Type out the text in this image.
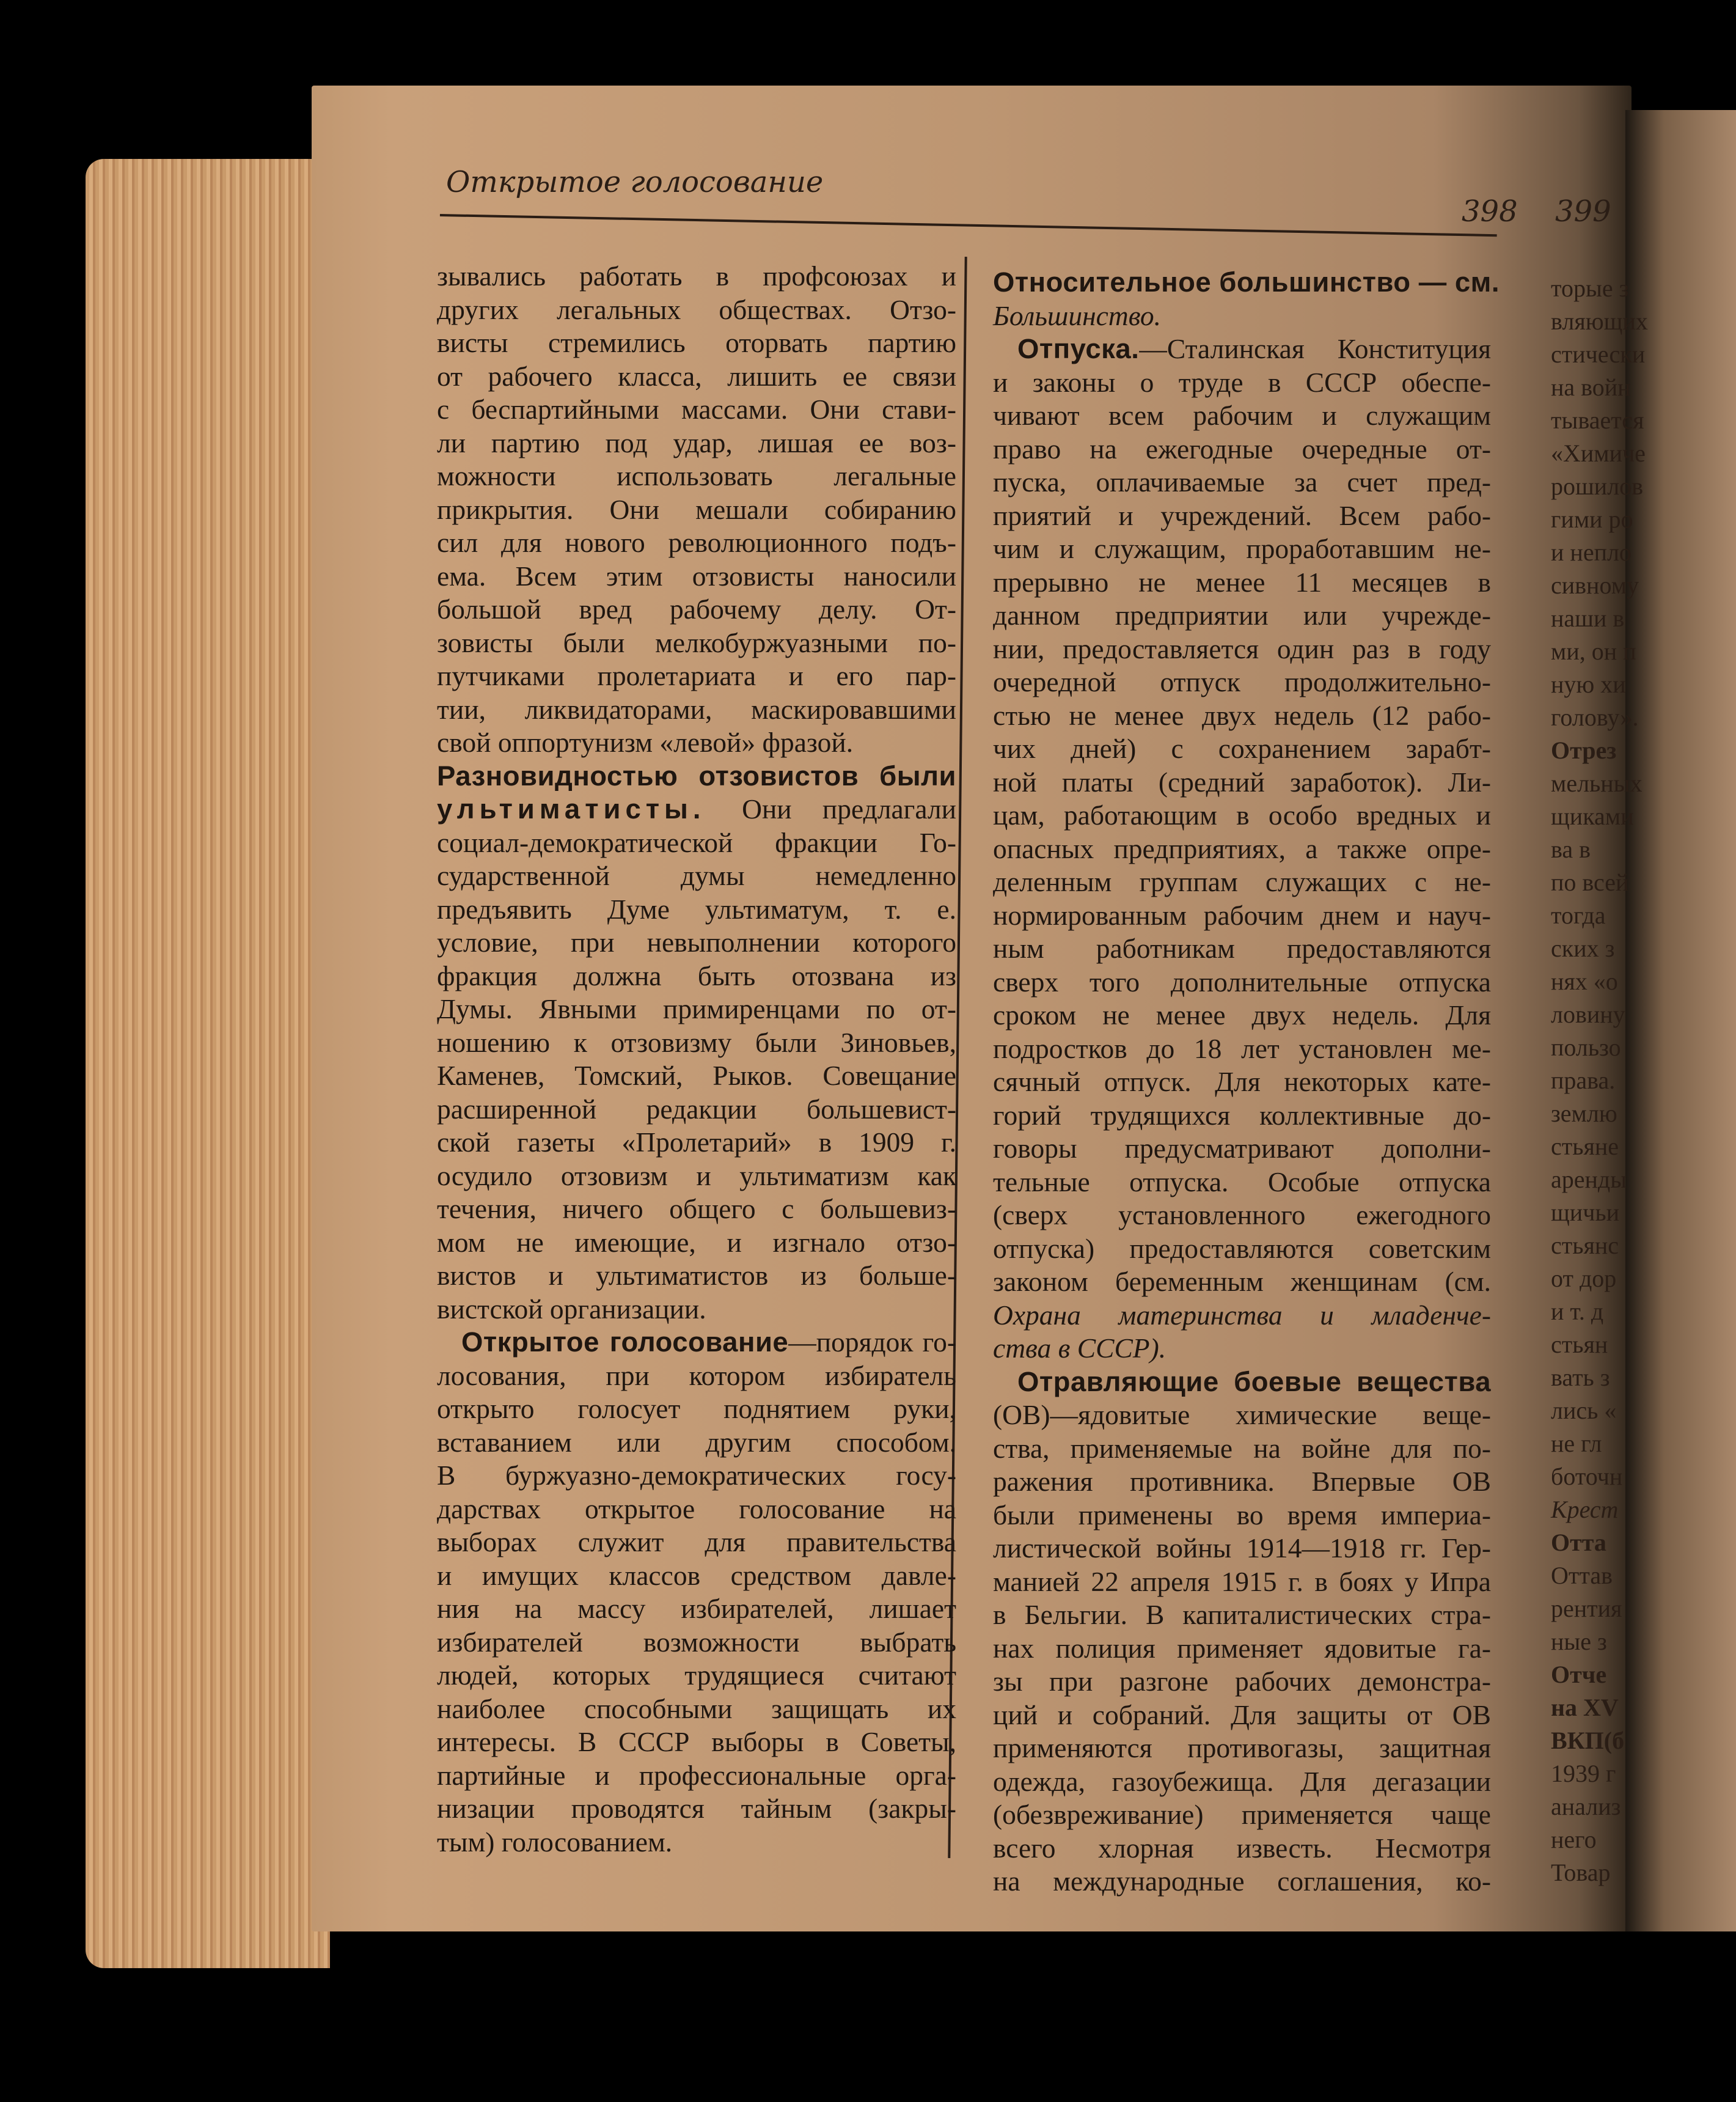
Открытое голосование
398 399
зывались работать в профсоюзах и
других легальных обществах. Отзо-
висты стремились оторвать партию
от рабочего класса, лишить ее связи
с беспартийными массами. Они стави-
ли партию под удар, лишая ее воз-
можности использовать легальные
прикрытия. Они мешали собиранию
сил для нового революционного подъ-
ема. Всем этим отзовисты наносили
большой вред рабочему делу. От-
зовисты были мелкобуржуазными по-
путчиками пролетариата и его пар-
тии, ликвидаторами, маскировавшими
свой оппортунизм «левой» фразой.
Разновидностью отзовистов были
ультиматисты. Они предлагали
социал-демократической фракции Го-
сударственной думы немедленно
предъявить Думе ультиматум, т. е.
условие, при невыполнении которого
фракция должна быть отозвана из
Думы. Явными примиренцами по от-
ношению к отзовизму были Зиновьев,
Каменев, Томский, Рыков. Совещание
расширенной редакции большевист-
ской газеты «Пролетарий» в 1909 г.
осудило отзовизм и ультиматизм как
течения, ничего общего с большевиз-
мом не имеющие, и изгнало отзо-
вистов и ультиматистов из больше-
вистской организации.
Открытое голосование—порядок го-
лосования, при котором избиратель
открыто голосует поднятием руки,
вставанием или другим способом.
В буржуазно-демократических госу-
дарствах открытое голосование на
выборах служит для правительства
и имущих классов средством давле-
ния на массу избирателей, лишает
избирателей возможности выбрать
людей, которых трудящиеся считают
наиболее способными защищать их
интересы. В СССР выборы в Советы,
партийные и профессиональные орга-
низации проводятся тайным (закры-
тым) голосованием.
Относительное большинство — см.
Большинство.
Отпуска.—Сталинская Конституция
и законы о труде в СССР обеспе-
чивают всем рабочим и служащим
право на ежегодные очередные от-
пуска, оплачиваемые за счет пред-
приятий и учреждений. Всем рабо-
чим и служащим, проработавшим не-
прерывно не менее 11 месяцев в
данном предприятии или учрежде-
нии, предоставляется один раз в году
очередной отпуск продолжительно-
стью не менее двух недель (12 рабо-
чих дней) с сохранением зарабт-
ной платы (средний заработок). Ли-
цам, работающим в особо вредных и
опасных предприятиях, а также опре-
деленным группам служащих с не-
нормированным рабочим днем и науч-
ным работникам предоставляются
сверх того дополнительные отпуска
сроком не менее двух недель. Для
подростков до 18 лет установлен ме-
сячный отпуск. Для некоторых кате-
горий трудящихся коллективные до-
говоры предусматривают дополни-
тельные отпуска. Особые отпуска
(сверх установленного ежегодного
отпуска) предоставляются советским
законом беременным женщинам (см.
Охрана материнства и младенче-
ства в СССР).
Отравляющие боевые вещества
(ОВ)—ядовитые химические веще-
ства, применяемые на войне для по-
ражения противника. Впервые ОВ
были применены во время империа-
листической войны 1914—1918 гг. Гер-
манией 22 апреля 1915 г. в боях у Ипра
в Бельгии. В капиталистических стра-
нах полиция применяет ядовитые га-
зы при разгоне рабочих демонстра-
ций и собраний. Для защиты от ОВ
применяются противогазы, защитная
одежда, газоубежища. Для дегазации
(обезвреживание) применяется чаще
всего хлорная известь. Несмотря
на международные соглашения, ко-
торые з
вляющих
стически
на войн
тывается
«Химиче
рошилов
гими ро
и непло
сивному
наши в
ми, он п
ную хи
голову».
Отрез
мельных
щиками
ва в
по всей
тогда
ских з
нях «о
ловину
пользо
права.
землю
стьяне
аренды
щичьи
стьянс
от дор
и т. д
стьян
вать з
лись «
не гл
боточн
Крест
Отта
Оттав
рентия
ные з
Отче
на XV
ВКП(б
1939 г
анализ
него
Товар
